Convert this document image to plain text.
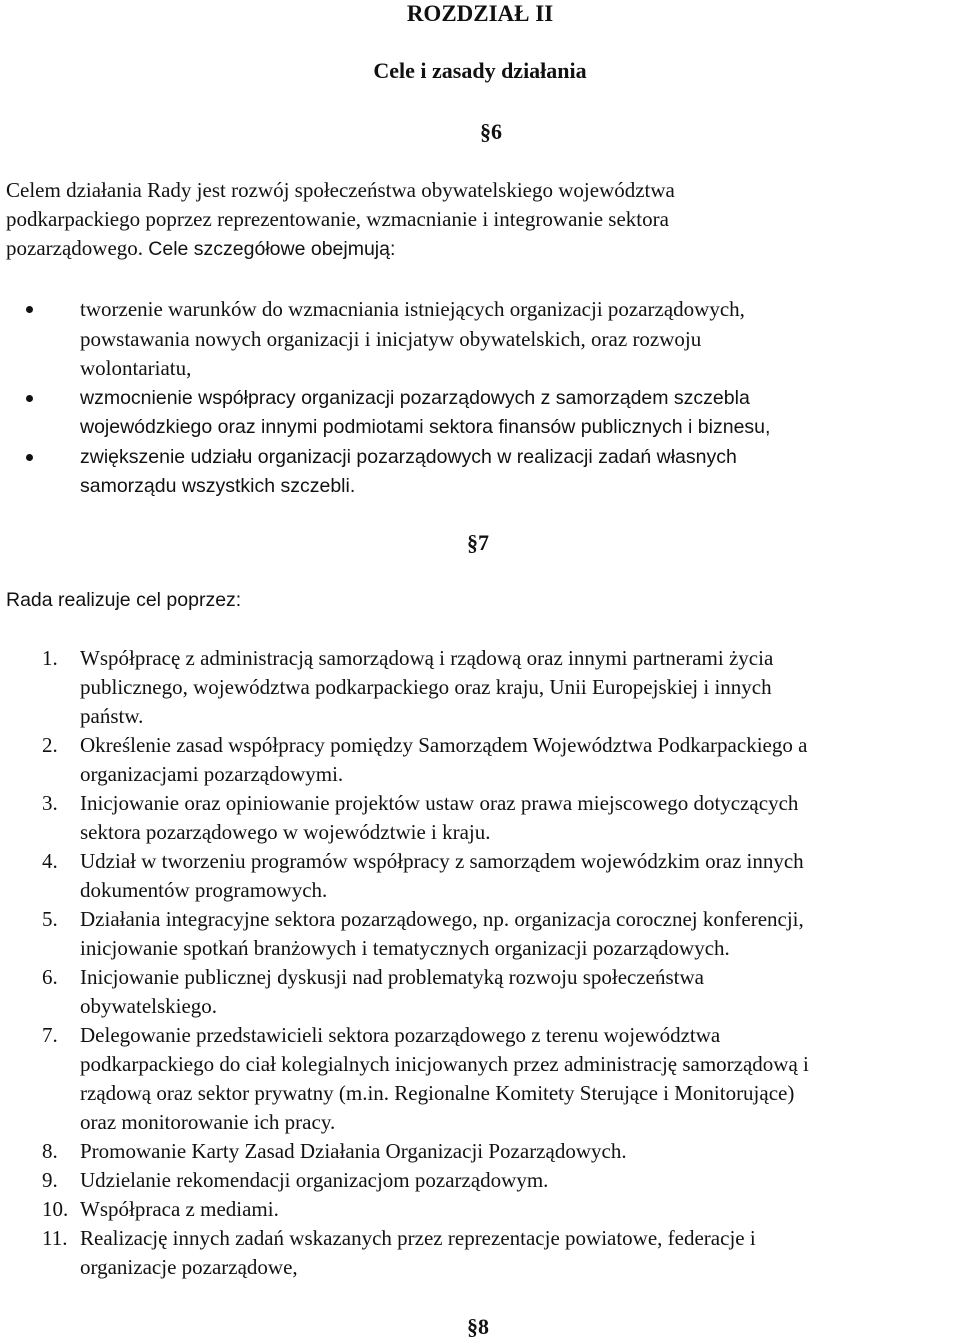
ROZDZIAŁ II
Cele i zasady działania
§6
Celem działania Rady jest rozwój społeczeństwa obywatelskiego województwa
podkarpackiego poprzez reprezentowanie, wzmacnianie i integrowanie sektora
pozarządowego. Cele szczegółowe obejmują:
tworzenie warunków do wzmacniania istniejących organizacji pozarządowych,
powstawania nowych organizacji i inicjatyw obywatelskich, oraz rozwoju
wolontariatu,
wzmocnienie współpracy organizacji pozarządowych z samorządem szczebla
wojewódzkiego oraz innymi podmiotami sektora finansów publicznych i biznesu,
zwiększenie udziału organizacji pozarządowych w realizacji zadań własnych
samorządu wszystkich szczebli.
§7
Rada realizuje cel poprzez:
1. Współpracę z administracją samorządową i rządową oraz innymi partnerami życia
publicznego, województwa podkarpackiego oraz kraju, Unii Europejskiej i innych
państw.
2. Określenie zasad współpracy pomiędzy Samorządem Województwa Podkarpackiego a
organizacjami pozarządowymi.
3. Inicjowanie oraz opiniowanie projektów ustaw oraz prawa miejscowego dotyczących
sektora pozarządowego w województwie i kraju.
4. Udział w tworzeniu programów współpracy z samorządem wojewódzkim oraz innych
dokumentów programowych.
5. Działania integracyjne sektora pozarządowego, np. organizacja corocznej konferencji,
inicjowanie spotkań branżowych i tematycznych organizacji pozarządowych.
6. Inicjowanie publicznej dyskusji nad problematyką rozwoju społeczeństwa
obywatelskiego.
7. Delegowanie przedstawicieli sektora pozarządowego z terenu województwa
podkarpackiego do ciał kolegialnych inicjowanych przez administrację samorządową i
rządową oraz sektor prywatny (m.in. Regionalne Komitety Sterujące i Monitorujące)
oraz monitorowanie ich pracy.
8. Promowanie Karty Zasad Działania Organizacji Pozarządowych.
9. Udzielanie rekomendacji organizacjom pozarządowym.
10. Współpraca z mediami.
11. Realizację innych zadań wskazanych przez reprezentacje powiatowe, federacje i
organizacje pozarządowe,
§8
